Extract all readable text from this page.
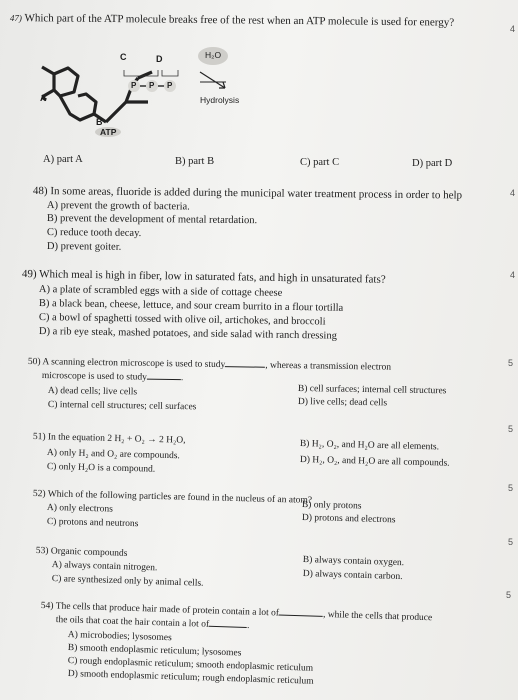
47) Which part of the ATP molecule breaks free of the rest when an ATP molecule is used for energy?
4
C	D
A
B
P P P
H₂O
Hydrolysis
ATP
A) part A	B) part B	C) part C	D) part D
48) In some areas, fluoride is added during the municipal water treatment process in order to help	4
A) prevent the growth of bacteria.
B) prevent the development of mental retardation.
C) reduce tooth decay.
D) prevent goiter.
49) Which meal is high in fiber, low in saturated fats, and high in unsaturated fats?	4
A) a plate of scrambled eggs with a side of cottage cheese
B) a black bean, cheese, lettuce, and sour cream burrito in a flour tortilla
C) a bowl of spaghetti tossed with olive oil, artichokes, and broccoli
D) a rib eye steak, mashed potatoes, and side salad with ranch dressing
50) A scanning electron microscope is used to study	, whereas a transmission electron	5
microscope is used to study	.
A) dead cells; live cells	B) cell surfaces; internal cell structures
C) internal cell structures; cell surfaces	D) live cells; dead cells
51) In the equation 2 H₂ + O₂ → 2 H₂O,
5
A) only H₂ and O₂ are compounds.
B) H₂, O₂, and H₂O are all elements.
C) only H₂O is a compound.	D) H₂, O₂, and H₂O are all compounds.
52) Which of the following particles are found in the nucleus of an atom?
5
A) only electrons	B) only protons
C) protons and neutrons	D) protons and electrons
53) Organic compounds
5
A) always contain nitrogen.	B) always contain oxygen.
C) are synthesized only by animal cells.	D) always contain carbon.
54) The cells that produce hair made of protein contain a lot of	, while the cells that produce
5
the oils that coat the hair contain a lot of	.
A) microbodies; lysosomes
B) smooth endoplasmic reticulum; lysosomes
C) rough endoplasmic reticulum; smooth endoplasmic reticulum
D) smooth endoplasmic reticulum; rough endoplasmic reticulum
